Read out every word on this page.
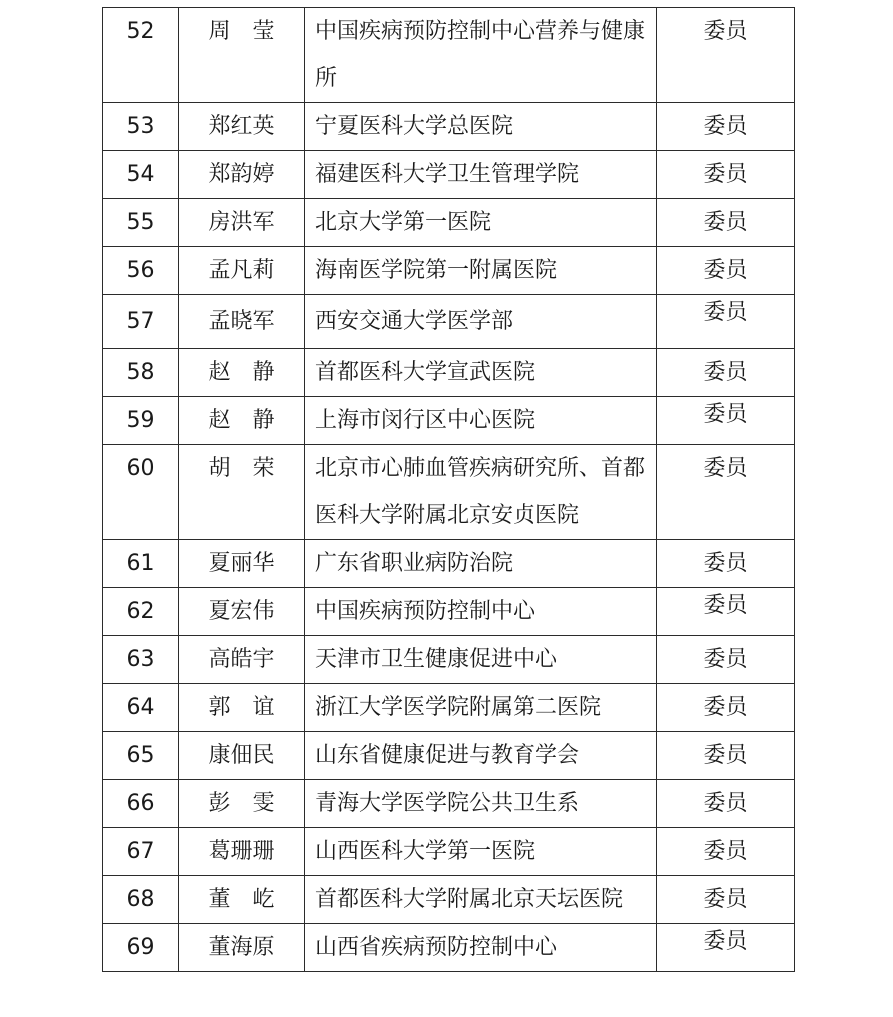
52	周　莹	中国疾病预防控制中心营养与健康所	委员
53	郑红英	宁夏医科大学总医院	委员
54	郑韵婷	福建医科大学卫生管理学院	委员
55	房洪军	北京大学第一医院	委员
56	孟凡莉	海南医学院第一附属医院	委员
57	孟晓军	西安交通大学医学部	委员
58	赵　静	首都医科大学宣武医院	委员
59	赵　静	上海市闵行区中心医院	委员
60	胡　荣	北京市心肺血管疾病研究所、首都医科大学附属北京安贞医院	委员
61	夏丽华	广东省职业病防治院	委员
62	夏宏伟	中国疾病预防控制中心	委员
63	高皓宇	天津市卫生健康促进中心	委员
64	郭　谊	浙江大学医学院附属第二医院	委员
65	康佃民	山东省健康促进与教育学会	委员
66	彭　雯	青海大学医学院公共卫生系	委员
67	葛珊珊	山西医科大学第一医院	委员
68	董　屹	首都医科大学附属北京天坛医院	委员
69	董海原	山西省疾病预防控制中心	委员
